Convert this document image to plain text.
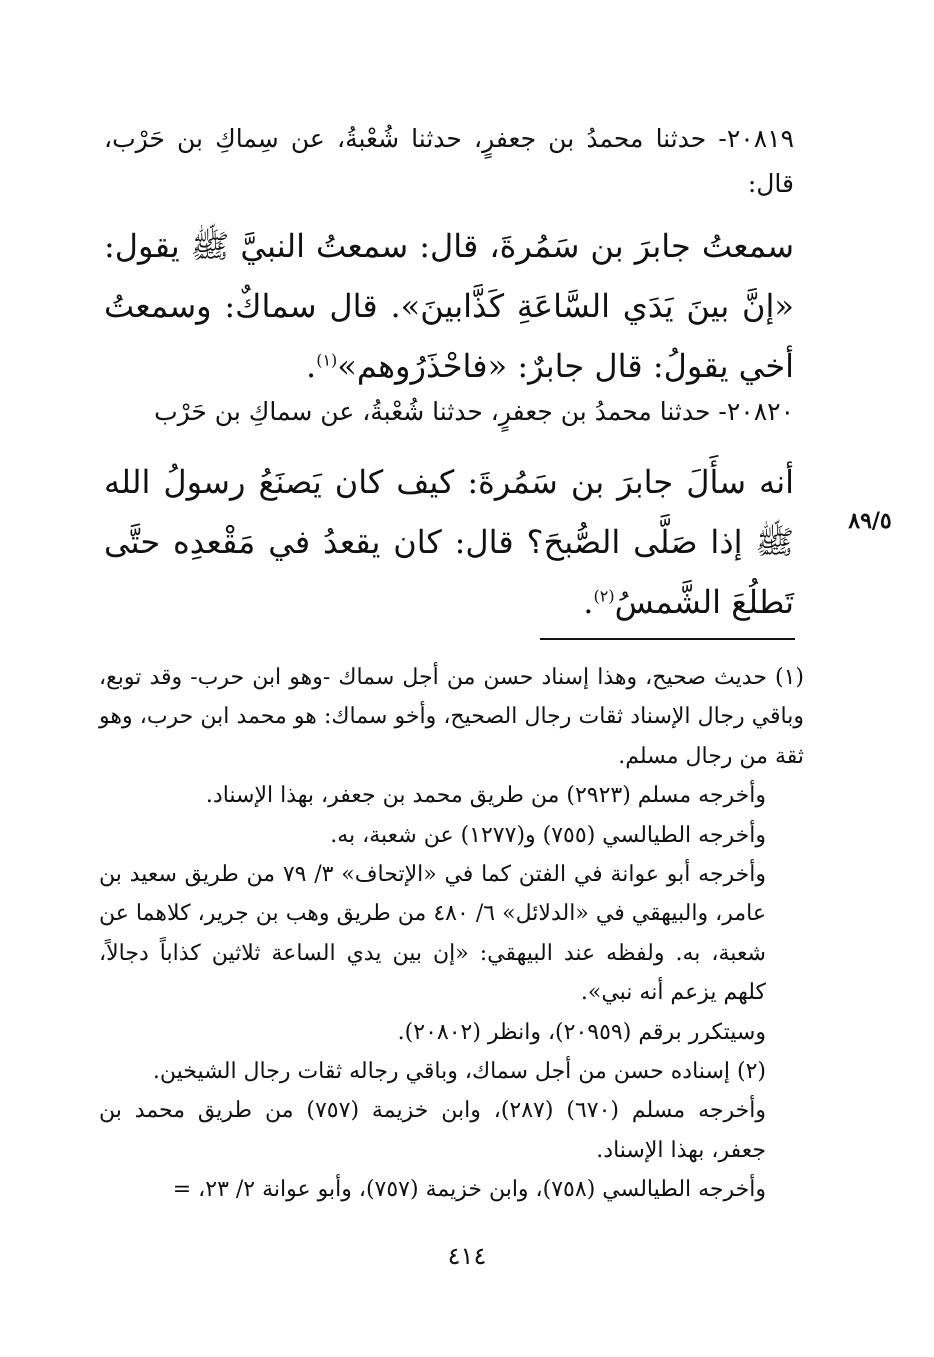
٢٠٨١٩- حدثنا محمدُ بن جعفرٍ، حدثنا شُعْبةُ، عن سِماكِ بن حَرْب، قال:
سمعتُ جابرَ بن سَمُرةَ، قال: سمعتُ النبيَّ ﷺ يقول: «إنَّ بينَ يَدَي السَّاعَةِ كَذَّابينَ». قال سماكٌ: وسمعتُ أخي يقولُ: قال جابرٌ: «فاحْذَرُوهم»$^{(١)}$.
٢٠٨٢٠- حدثنا محمدُ بن جعفرٍ، حدثنا شُعْبةُ، عن سماكِ بن حَرْب
أنه سأَلَ جابرَ بن سَمُرةَ: كيف كان يَصنَعُ رسولُ الله ﷺ إذا صَلَّى الصُّبحَ؟ قال: كان يقعدُ في مَقْعدِه حتَّى تَطلُعَ الشَّمسُ$^{(٢)}$.
٨٩/٥

(١) حديث صحيح، وهذا إسناد حسن من أجل سماك -وهو ابن حرب- وقد توبع، وباقي رجال الإسناد ثقات رجال الصحيح، وأخو سماك: هو محمد ابن حرب، وهو ثقة من رجال مسلم.

وأخرجه مسلم (٢٩٢٣) من طريق محمد بن جعفر، بهذا الإسناد.

وأخرجه الطيالسي (٧٥٥) و(١٢٧٧) عن شعبة، به.

وأخرجه أبو عوانة في الفتن كما في «الإتحاف» ٣/ ٧٩ من طريق سعيد بن عامر، والبيهقي في «الدلائل» ٦/ ٤٨٠ من طريق وهب بن جرير، كلاهما عن شعبة، به. ولفظه عند البيهقي: «إن بين يدي الساعة ثلاثين كذاباً دجالاً، كلهم يزعم أنه نبي».

وسيتكرر برقم (٢٠٩٥٩)، وانظر (٢٠٨٠٢).

(٢) إسناده حسن من أجل سماك، وباقي رجاله ثقات رجال الشيخين.

وأخرجه مسلم (٦٧٠) (٢٨٧)، وابن خزيمة (٧٥٧) من طريق محمد بن جعفر، بهذا الإسناد.

وأخرجه الطيالسي (٧٥٨)، وابن خزيمة (٧٥٧)، وأبو عوانة ٢/ ٢٣، =

٤١٤
